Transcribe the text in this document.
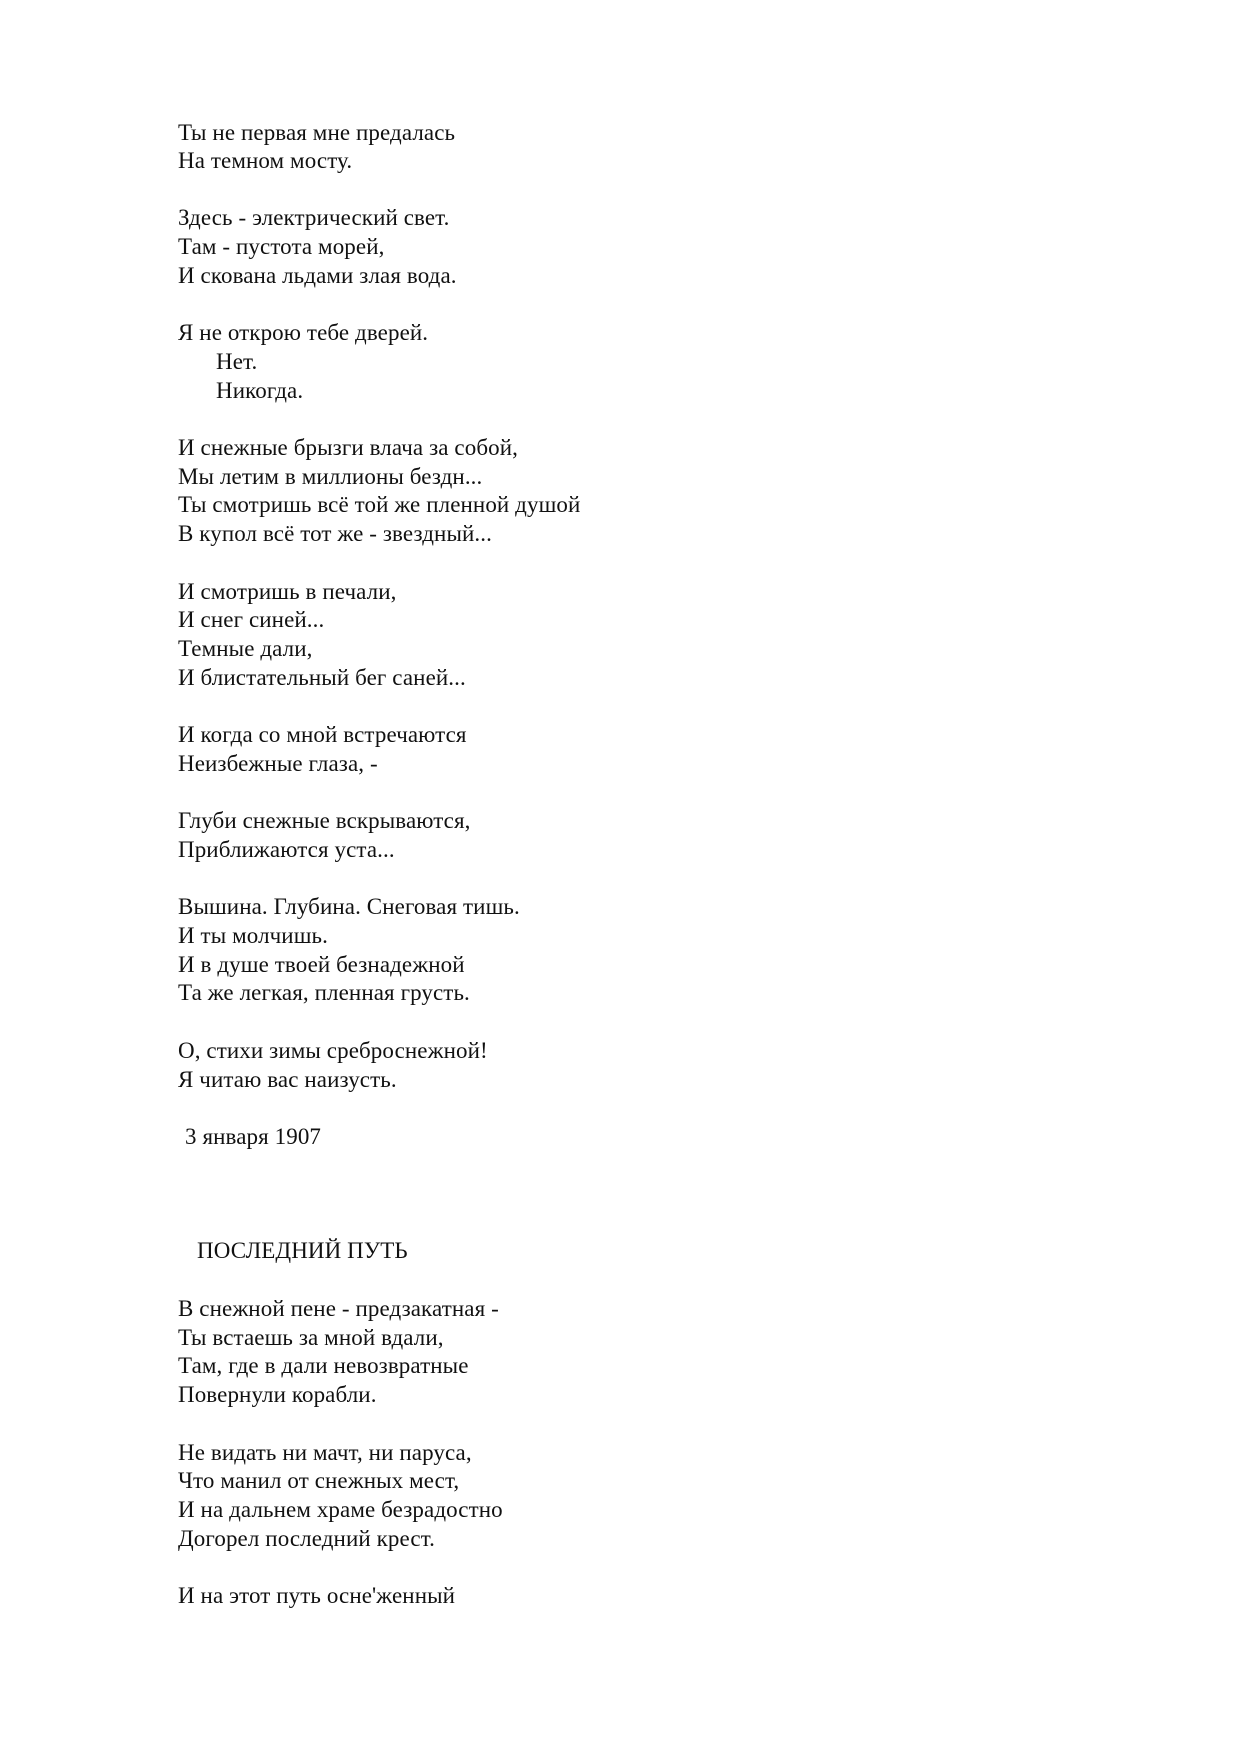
Ты не первая мне предалась
На темном мосту.
Здесь - электрический свет.
Там - пустота морей,
И скована льдами злая вода.
Я не открою тебе дверей.
Нет.
Никогда.
И снежные брызги влача за собой,
Мы летим в миллионы бездн...
Ты смотришь всё той же пленной душой
В купол всё тот же - звездный...
И смотришь в печали,
И снег синей...
Темные дали,
И блистательный бег саней...
И когда со мной встречаются
Неизбежные глаза, -
Глуби снежные вскрываются,
Приближаются уста...
Вышина. Глубина. Снеговая тишь.
И ты молчишь.
И в душе твоей безнадежной
Та же легкая, пленная грусть.
О, стихи зимы среброснежной!
Я читаю вас наизусть.
3 января 1907
ПОСЛЕДНИЙ ПУТЬ
В снежной пене - предзакатная -
Ты встаешь за мной вдали,
Там, где в дали невозвратные
Повернули корабли.
Не видать ни мачт, ни паруса,
Что манил от снежных мест,
И на дальнем храме безрадостно
Догорел последний крест.
И на этот путь осне'женный
